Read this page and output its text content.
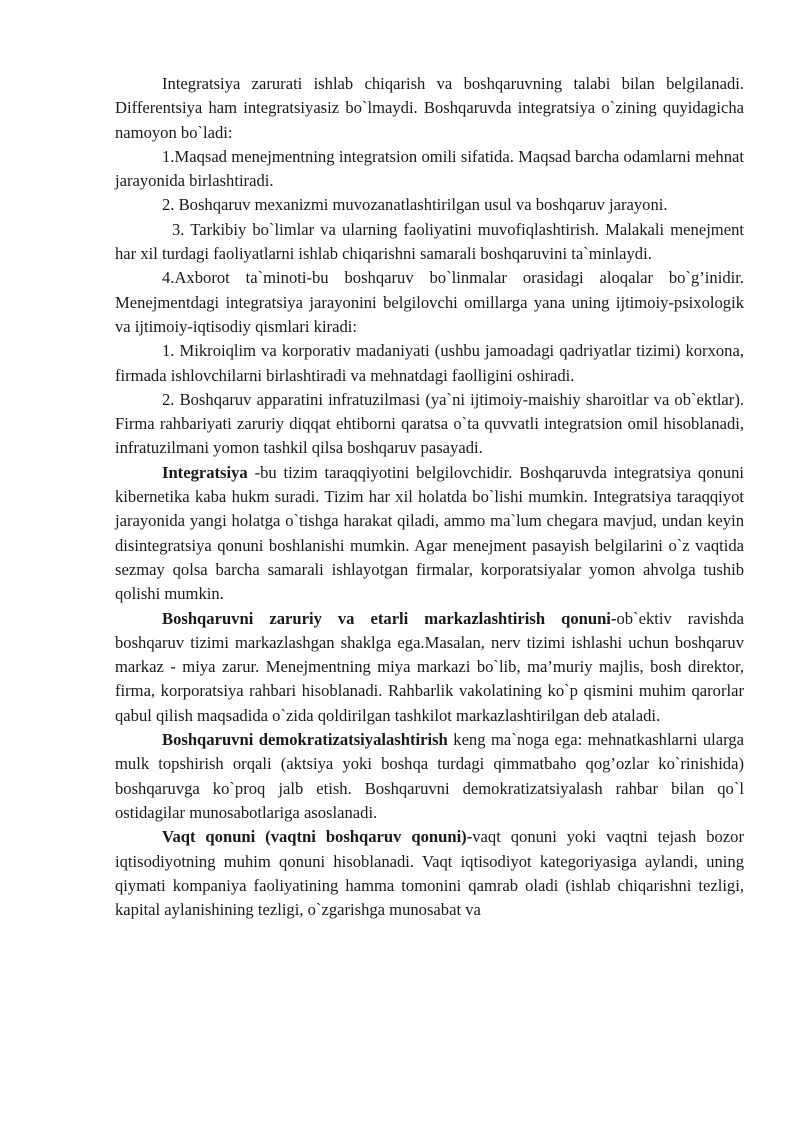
Integratsiya zarurati ishlab chiqarish va boshqaruvning talabi bilan belgilanadi. Differentsiya ham integratsiyasiz bo`lmaydi. Boshqaruvda integratsiya o`zining quyidagicha namoyon bo`ladi:

1.Maqsad menejmentning integratsion omili sifatida. Maqsad barcha odamlarni mehnat jarayonida birlashtiradi.

2. Boshqaruv mexanizmi muvozanatlashtirilgan usul va boshqaruv jarayoni.

3. Tarkibiy bo`limlar va ularning faoliyatini muvofiqlashtirish. Malakali menejment har xil turdagi faoliyatlarni ishlab chiqarishni samarali boshqaruvini ta`minlaydi.

4.Axborot ta`minoti-bu boshqaruv bo`linmalar orasidagi aloqalar bo`g’inidir. Menejmentdagi integratsiya jarayonini belgilovchi omillarga yana uning ijtimoiy-psixologik va ijtimoiy-iqtisodiy qismlari kiradi:

1. Mikroiqlim va korporativ madaniyati (ushbu jamoadagi qadriyatlar tizimi) korxona, firmada ishlovchilarni birlashtiradi va mehnatdagi faolligini oshiradi.

2. Boshqaruv apparatini infratuzilmasi (ya`ni ijtimoiy-maishiy sharoitlar va ob`ektlar). Firma rahbariyati zaruriy diqqat ehtiborni qaratsa o`ta quvvatli integratsion omil hisoblanadi, infratuzilmani yomon tashkil qilsa boshqaruv pasayadi.

Integratsiya -bu tizim taraqqiyotini belgilovchidir. Boshqaruvda integratsiya qonuni kibernetika kaba hukm suradi. Tizim har xil holatda bo`lishi mumkin. Integratsiya taraqqiyot jarayonida yangi holatga o`tishga harakat qiladi, ammo ma`lum chegara mavjud, undan keyin disintegratsiya qonuni boshlanishi mumkin. Agar menejment pasayish belgilarini o`z vaqtida sezmay qolsa barcha samarali ishlayotgan firmalar, korporatsiyalar yomon ahvolga tushib qolishi mumkin.

Boshqaruvni zaruriy va etarli markazlashtirish qonuni-ob`ektiv ravishda boshqaruv tizimi markazlashgan shaklga ega.Masalan, nerv tizimi ishlashi uchun boshqaruv markaz - miya zarur. Menejmentning miya markazi bo`lib, ma’muriy majlis, bosh direktor, firma, korporatsiya rahbari hisoblanadi. Rahbarlik vakolatining ko`p qismini muhim qarorlar qabul qilish maqsadida o`zida qoldirilgan tashkilot markazlashtirilgan deb ataladi.

Boshqaruvni demokratizatsiyalashtirish keng ma`noga ega: mehnatkashlarni ularga mulk topshirish orqali (aktsiya yoki boshqa turdagi qimmatbaho qog’ozlar ko`rinishida) boshqaruvga ko`proq jalb etish. Boshqaruvni demokratizatsiyalash rahbar bilan qo`l ostidagilar munosabotlariga asoslanadi.

Vaqt qonuni (vaqtni boshqaruv qonuni)-vaqt qonuni yoki vaqtni tejash bozor iqtisodiyotning muhim qonuni hisoblanadi. Vaqt iqtisodiyot kategoriyasiga aylandi, uning qiymati kompaniya faoliyatining hamma tomonini qamrab oladi (ishlab chiqarishni tezligi, kapital aylanishining tezligi, o`zgarishga munosabat va
